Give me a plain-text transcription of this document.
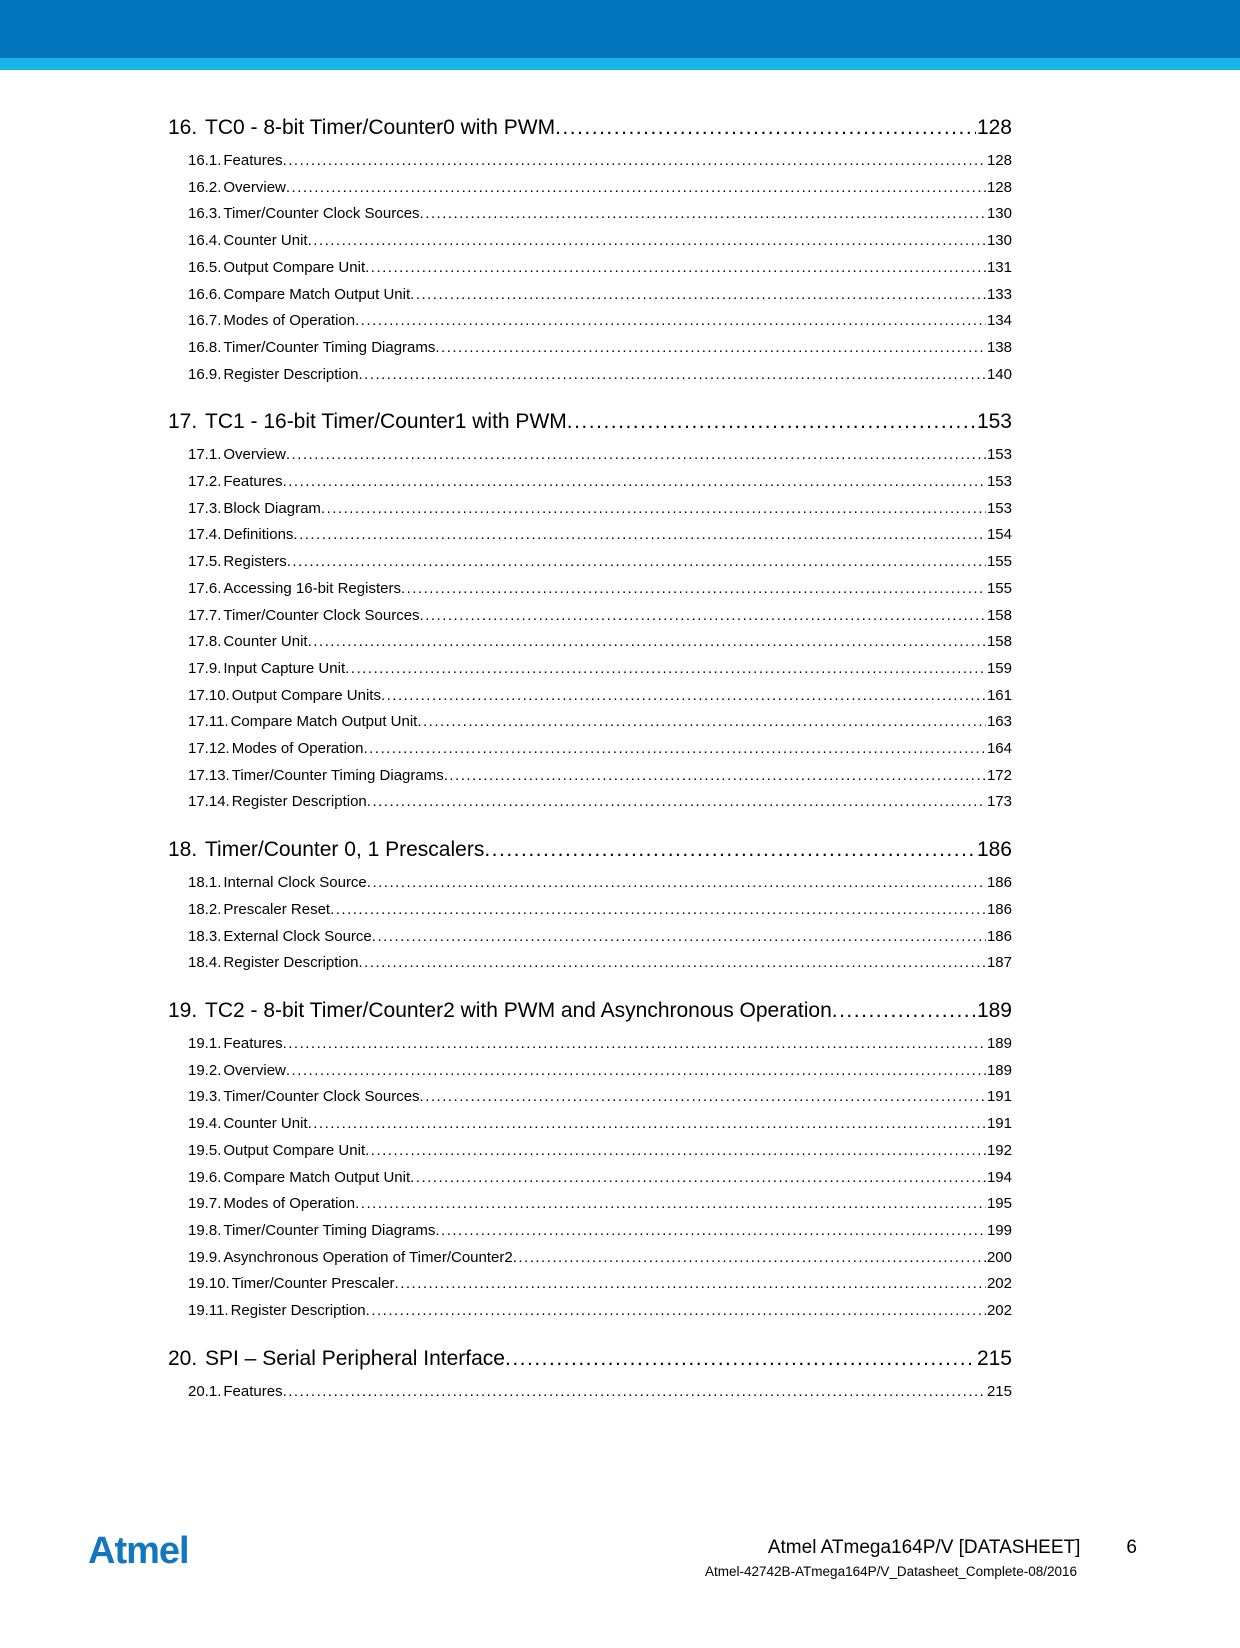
16. TC0 - 8-bit Timer/Counter0 with PWM .....	128
16.1. Features .....	128
16.2. Overview .....	128
16.3. Timer/Counter Clock Sources .....	130
16.4. Counter Unit .....	130
16.5. Output Compare Unit .....	131
16.6. Compare Match Output Unit .....	133
16.7. Modes of Operation .....	134
16.8. Timer/Counter Timing Diagrams .....	138
16.9. Register Description .....	140
17. TC1 - 16-bit Timer/Counter1 with PWM .....	153
17.1. Overview .....	153
17.2. Features .....	153
17.3. Block Diagram .....	153
17.4. Definitions .....	154
17.5. Registers .....	155
17.6. Accessing 16-bit Registers .....	155
17.7. Timer/Counter Clock Sources .....	158
17.8. Counter Unit .....	158
17.9. Input Capture Unit .....	159
17.10. Output Compare Units .....	161
17.11. Compare Match Output Unit .....	163
17.12. Modes of Operation .....	164
17.13. Timer/Counter Timing Diagrams .....	172
17.14. Register Description .....	173
18. Timer/Counter 0, 1 Prescalers .....	186
18.1. Internal Clock Source .....	186
18.2. Prescaler Reset .....	186
18.3. External Clock Source .....	186
18.4. Register Description .....	187
19. TC2 - 8-bit Timer/Counter2 with PWM and Asynchronous Operation .....	189
19.1. Features .....	189
19.2. Overview .....	189
19.3. Timer/Counter Clock Sources .....	191
19.4. Counter Unit .....	191
19.5. Output Compare Unit .....	192
19.6. Compare Match Output Unit .....	194
19.7. Modes of Operation .....	195
19.8. Timer/Counter Timing Diagrams .....	199
19.9. Asynchronous Operation of Timer/Counter2 .....	200
19.10. Timer/Counter Prescaler .....	202
19.11. Register Description .....	202
20. SPI – Serial Peripheral Interface .....	215
20.1. Features .....	215
Atmel	Atmel ATmega164P/V [DATASHEET] 6
Atmel-42742B-ATmega164P/V_Datasheet_Complete-08/2016
